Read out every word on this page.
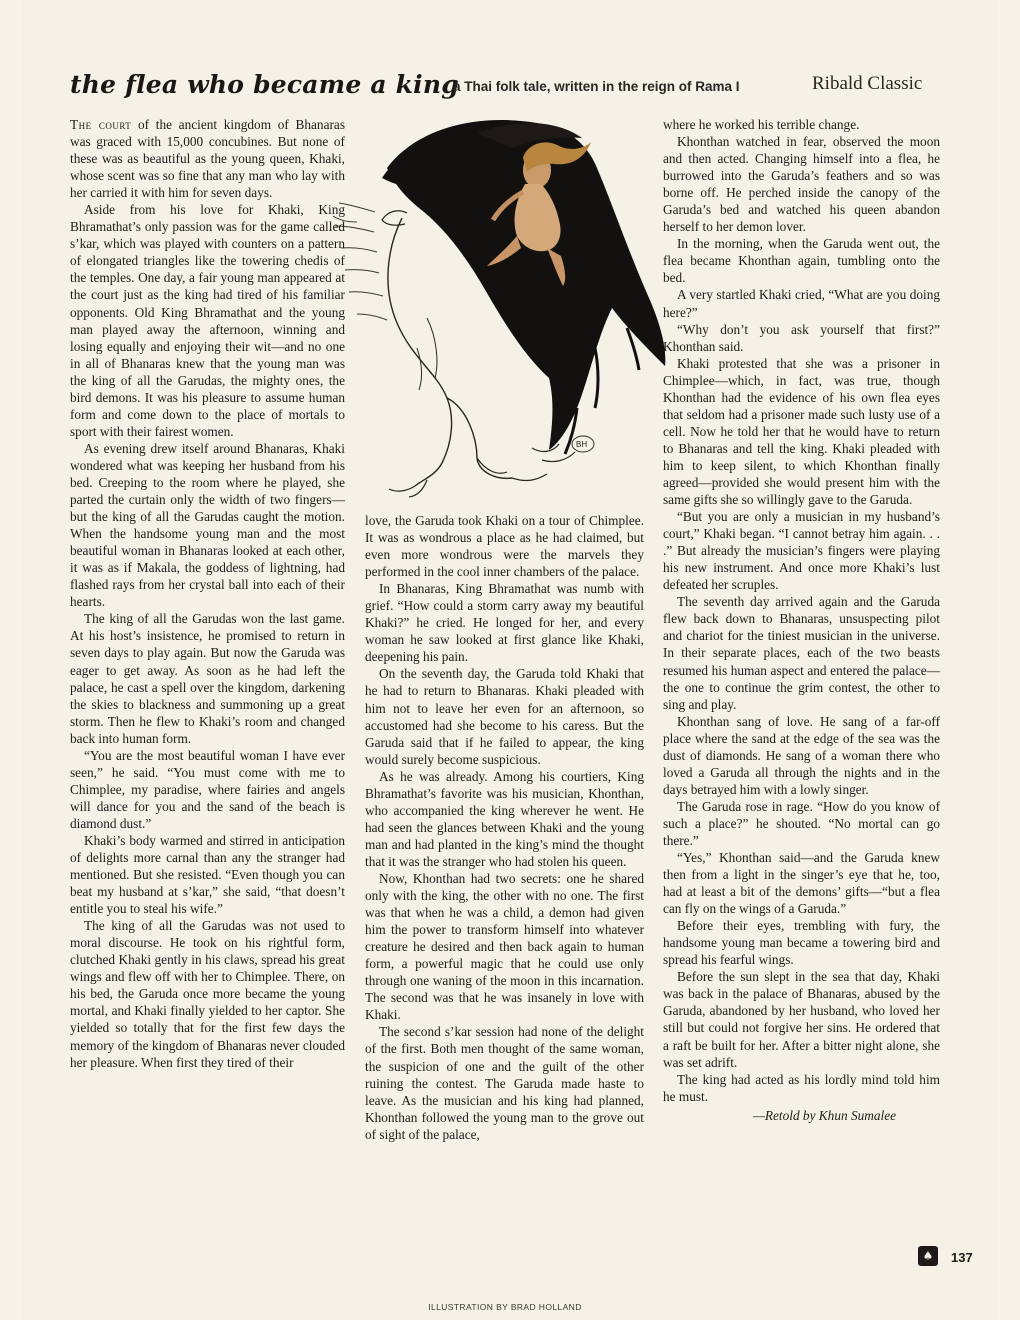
the flea who became a king
a Thai folk tale, written in the reign of Rama I	Ribald Classic
BH

The court of the ancient kingdom of Bhanaras was graced with 15,000 concubines. But none of these was as beautiful as the young queen, Khaki, whose scent was so fine that any man who lay with her carried it with him for seven days.

Aside from his love for Khaki, King Bhramathat’s only passion was for the game called s’kar, which was played with counters on a pattern of elongated triangles like the towering chedis of the temples. One day, a fair young man appeared at the court just as the king had tired of his familiar opponents. Old King Bhramathat and the young man played away the afternoon, winning and losing equally and enjoying their wit—and no one in all of Bhanaras knew that the young man was the king of all the Garudas, the mighty ones, the bird demons. It was his pleasure to assume human form and come down to the place of mortals to sport with their fairest women.

As evening drew itself around Bhanaras, Khaki wondered what was keeping her husband from his bed. Creeping to the room where he played, she parted the curtain only the width of two fingers—but the king of all the Garudas caught the motion. When the handsome young man and the most beautiful woman in Bhanaras looked at each other, it was as if Makala, the goddess of lightning, had flashed rays from her crystal ball into each of their hearts.

The king of all the Garudas won the last game. At his host’s insistence, he promised to return in seven days to play again. But now the Garuda was eager to get away. As soon as he had left the palace, he cast a spell over the kingdom, darkening the skies to blackness and summoning up a great storm. Then he flew to Khaki’s room and changed back into human form.

“You are the most beautiful woman I have ever seen,” he said. “You must come with me to Chimplee, my paradise, where fairies and angels will dance for you and the sand of the beach is diamond dust.”

Khaki’s body warmed and stirred in anticipation of delights more carnal than any the stranger had mentioned. But she resisted. “Even though you can beat my husband at s’kar,” she said, “that doesn’t entitle you to steal his wife.”

The king of all the Garudas was not used to moral discourse. He took on his rightful form, clutched Khaki gently in his claws, spread his great wings and flew off with her to Chimplee. There, on his bed, the Garuda once more became the young mortal, and Khaki finally yielded to her captor. She yielded so totally that for the first few days the memory of the kingdom of Bhanaras never clouded her pleasure. When first they tired of their

love, the Garuda took Khaki on a tour of Chimplee. It was as wondrous a place as he had claimed, but even more wondrous were the marvels they performed in the cool inner chambers of the palace.

In Bhanaras, King Bhramathat was numb with grief. “How could a storm carry away my beautiful Khaki?” he cried. He longed for her, and every woman he saw looked at first glance like Khaki, deepening his pain.

On the seventh day, the Garuda told Khaki that he had to return to Bhanaras. Khaki pleaded with him not to leave her even for an afternoon, so accustomed had she become to his caress. But the Garuda said that if he failed to appear, the king would surely become suspicious.

As he was already. Among his courtiers, King Bhramathat’s favorite was his musician, Khonthan, who accompanied the king wherever he went. He had seen the glances between Khaki and the young man and had planted in the king’s mind the thought that it was the stranger who had stolen his queen.

Now, Khonthan had two secrets: one he shared only with the king, the other with no one. The first was that when he was a child, a demon had given him the power to transform himself into whatever creature he desired and then back again to human form, a powerful magic that he could use only through one waning of the moon in this incarnation. The second was that he was insanely in love with Khaki.

The second s’kar session had none of the delight of the first. Both men thought of the same woman, the suspicion of one and the guilt of the other ruining the contest. The Garuda made haste to leave. As the musician and his king had planned, Khonthan followed the young man to the grove out of sight of the palace,

where he worked his terrible change.

Khonthan watched in fear, observed the moon and then acted. Changing himself into a flea, he burrowed into the Garuda’s feathers and so was borne off. He perched inside the canopy of the Garuda’s bed and watched his queen abandon herself to her demon lover.

In the morning, when the Garuda went out, the flea became Khonthan again, tumbling onto the bed.

A very startled Khaki cried, “What are you doing here?”

“Why don’t you ask yourself that first?” Khonthan said.

Khaki protested that she was a prisoner in Chimplee—which, in fact, was true, though Khonthan had the evidence of his own flea eyes that seldom had a prisoner made such lusty use of a cell. Now he told her that he would have to return to Bhanaras and tell the king. Khaki pleaded with him to keep silent, to which Khonthan finally agreed—provided she would present him with the same gifts she so willingly gave to the Garuda.

“But you are only a musician in my husband’s court,” Khaki began. “I cannot betray him again. . . .” But already the musician’s fingers were playing his new instrument. And once more Khaki’s lust defeated her scruples.

The seventh day arrived again and the Garuda flew back down to Bhanaras, unsuspecting pilot and chariot for the tiniest musician in the universe. In their separate places, each of the two beasts resumed his human aspect and entered the palace—the one to continue the grim contest, the other to sing and play.

Khonthan sang of love. He sang of a far-off place where the sand at the edge of the sea was the dust of diamonds. He sang of a woman there who loved a Garuda all through the nights and in the days betrayed him with a lowly singer.

The Garuda rose in rage. “How do you know of such a place?” he shouted. “No mortal can go there.”

“Yes,” Khonthan said—and the Garuda knew then from a light in the singer’s eye that he, too, had at least a bit of the demons’ gifts—“but a flea can fly on the wings of a Garuda.”

Before their eyes, trembling with fury, the handsome young man became a towering bird and spread his fearful wings.

Before the sun slept in the sea that day, Khaki was back in the palace of Bhanaras, abused by the Garuda, abandoned by her husband, who loved her still but could not forgive her sins. He ordered that a raft be built for her. After a bitter night alone, she was set adrift.

The king had acted as his lordly mind told him he must.

—Retold by Khun Sumalee
♠	137
ILLUSTRATION BY BRAD HOLLAND
